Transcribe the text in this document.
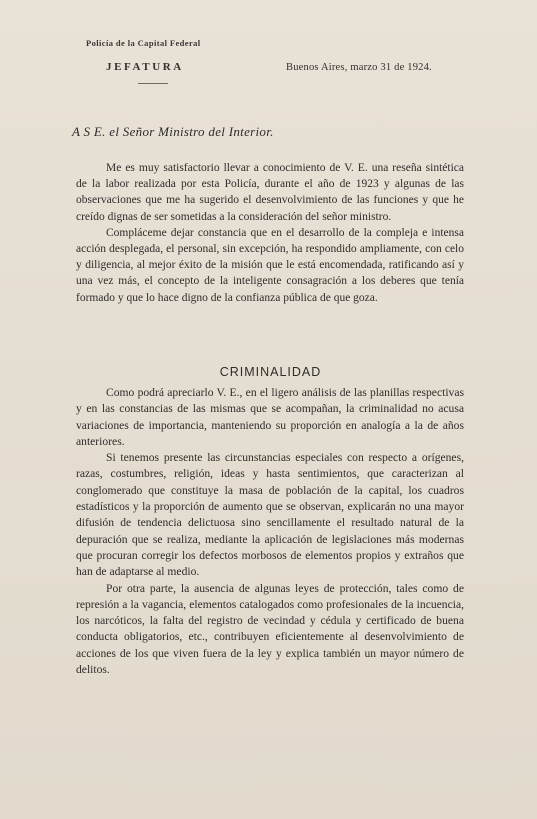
Policía de la Capital Federal
JEFATURA	Buenos Aires, marzo 31 de 1924.
A S E. el Señor Ministro del Interior.

Me es muy satisfactorio llevar a conocimiento de V. E. una reseña sintética de la labor realizada por esta Policía, durante el año de 1923 y algunas de las observaciones que me ha sugerido el desenvolvimiento de las funciones y que he creído dignas de ser sometidas a la consideración del señor ministro.

Compláceme dejar constancia que en el desarrollo de la compleja e intensa acción desplegada, el personal, sin excepción, ha respondido ampliamente, con celo y diligencia, al mejor éxito de la misión que le está encomendada, ratificando así y una vez más, el concepto de la inteligente consagración a los deberes que tenía formado y que lo hace digno de la confianza pública de que goza.

CRIMINALIDAD

Como podrá apreciarlo V. E., en el ligero análisis de las planillas respectivas y en las constancias de las mismas que se acompañan, la criminalidad no acusa variaciones de importancia, manteniendo su proporción en analogía a la de años anteriores.

Si tenemos presente las circunstancias especiales con respecto a orígenes, razas, costumbres, religión, ideas y hasta sentimientos, que caracterizan al conglomerado que constituye la masa de población de la capital, los cuadros estadísticos y la proporción de aumento que se observan, explicarán no una mayor difusión de tendencia delictuosa sino sencillamente el resultado natural de la depuración que se realiza, mediante la aplicación de legislaciones más modernas que procuran corregir los defectos morbosos de elementos propios y extraños que han de adaptarse al medio.

Por otra parte, la ausencia de algunas leyes de protección, tales como de represión a la vagancia, elementos catalogados como profesionales de la incuencia, los narcóticos, la falta del registro de vecindad y cédula y certificado de buena conducta obligatorios, etc., contribuyen eficientemente al desenvolvimiento de acciones de los que viven fuera de la ley y explica también un mayor número de delitos.
